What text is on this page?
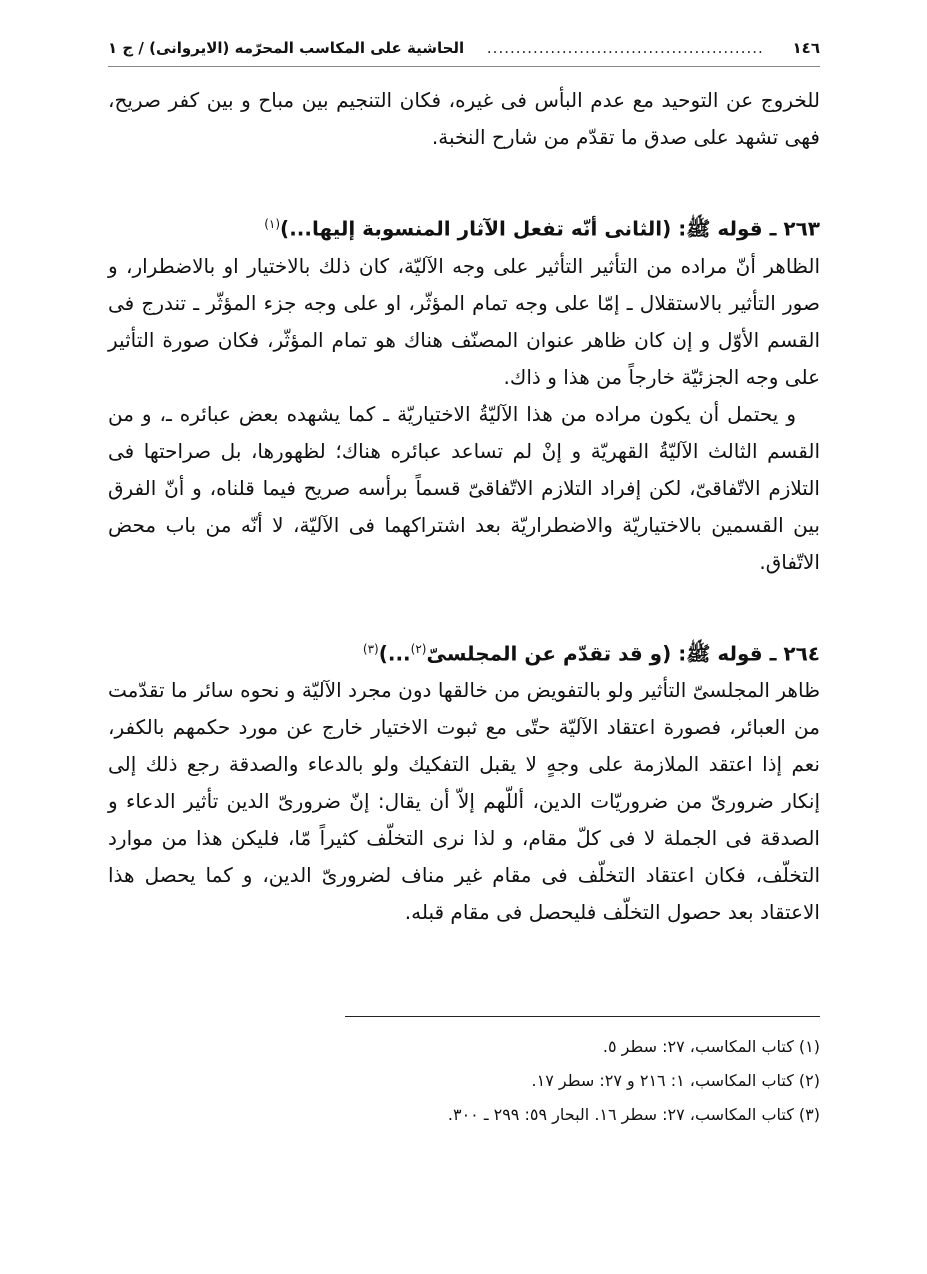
١٤٦
................................................
الحاشية على المكاسب المحرّمه (الايروانى) / ج ١

للخروج عن التوحيد مع عدم البأس فى غيره، فكان التنجيم بين مباح و بين كفر صريح، فهى تشهد على صدق ما تقدّم من شارح النخبة.

٢٦٣ ـ قوله ﷺ: (الثانى أنّه تفعل الآثار المنسوبة إليها...)$^{(١)}$

الظاهر أنّ مراده من التأثير التأثير على وجه الآليّة، كان ذلك بالاختيار او بالاضطرار، و صور التأثير بالاستقلال ـ إمّا على وجه تمام المؤثّر، او على وجه جزء المؤثّر ـ تندرج فى القسم الأوّل و إن كان ظاهر عنوان المصنّف هناك هو تمام المؤثّر، فكان صورة التأثير على وجه الجزئيّة خارجاً من هذا و ذاك.

و يحتمل أن يكون مراده من هذا الآليّةُ الاختياريّة ـ كما يشهده بعض عبائره ـ، و من القسم الثالث الآليّةُ القهريّة و إنْ لم تساعد عبائره هناك؛ لظهورها، بل صراحتها فى التلازم الاتّفاقىّ، لكن إفراد التلازم الاتّفاقىّ قسماً برأسه صريح فيما قلناه، و أنّ الفرق بين القسمين بالاختياريّة والاضطراريّة بعد اشتراكهما فى الآليّة، لا أنّه من باب محض الاتّفاق.

٢٦٤ ـ قوله ﷺ: (و قد تقدّم عن المجلسىّ$^{(٢)}$...)$^{(٣)}$

ظاهر المجلسىّ التأثير ولو بالتفويض من خالقها دون مجرد الآليّة و نحوه سائر ما تقدّمت من العبائر، فصورة اعتقاد الآليّة حتّى مع ثبوت الاختيار خارج عن مورد حكمهم بالكفر، نعم إذا اعتقد الملازمة على وجهٍ لا يقبل التفكيك ولو بالدعاء والصدقة رجع ذلك إلى إنكار ضرورىّ من ضروريّات الدين، أللّهم إلاّ أن يقال: إنّ ضرورىّ الدين تأثير الدعاء و الصدقة فى الجملة لا فى كلّ مقام، و لذا نرى التخلّف كثيراً مّا، فليكن هذا من موارد التخلّف، فكان اعتقاد التخلّف فى مقام غير مناف لضرورىّ الدين، و كما يحصل هذا الاعتقاد بعد حصول التخلّف فليحصل فى مقام قبله.

(١) كتاب المكاسب، ٢٧: سطر ٥.
(٢) كتاب المكاسب، ١: ٢١٦ و ٢٧: سطر ١٧.
(٣) كتاب المكاسب، ٢٧: سطر ١٦. البحار ٥٩: ٢٩٩ ـ ٣٠٠.
